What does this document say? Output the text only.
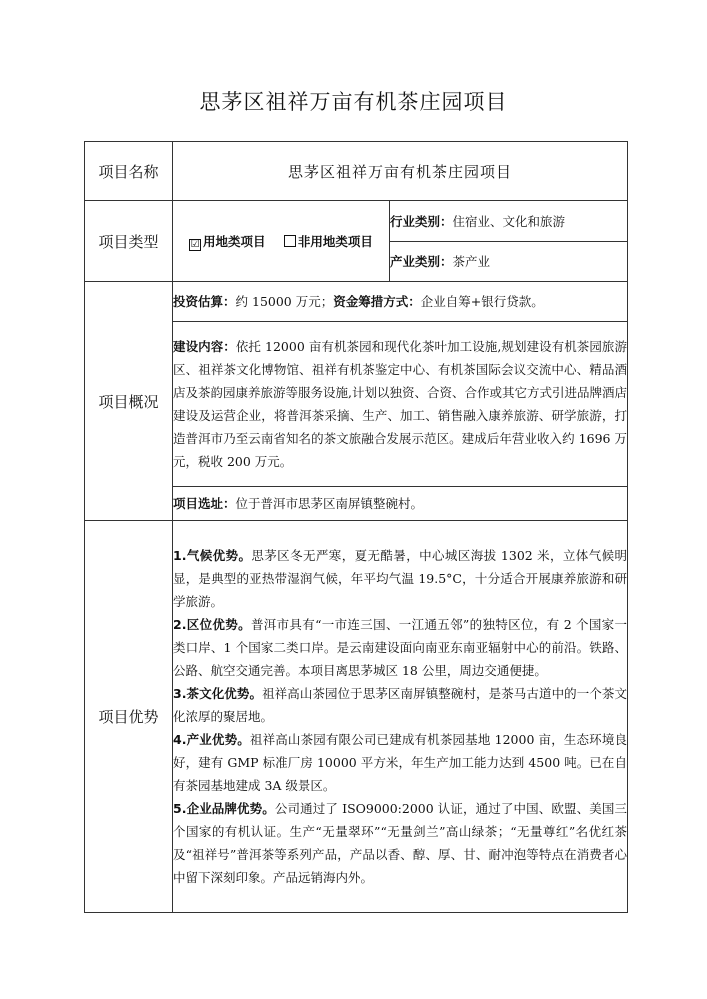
思茅区祖祥万亩有机茶庄园项目
项目名称	思茅区祖祥万亩有机茶庄园项目	
项目类型	☑ 用地类项目 非用地类项目	行业类别：住宿业、文化和旅游
		产业类别：茶产业
项目概况	投资估算：约 15000 万元；资金筹措方式：企业自筹+银行贷款。	
	建设内容：依托 12000 亩有机茶园和现代化茶叶加工设施,规划建设有机茶园旅游区、祖祥茶文化博物馆、祖祥有机茶鉴定中心、有机茶国际会议交流中心、精品酒店及茶韵园康养旅游等服务设施,计划以独资、合资、合作或其它方式引进品牌酒店建设及运营企业，将普洱茶采摘、生产、加工、销售融入康养旅游、研学旅游，打造普洱市乃至云南省知名的茶文旅融合发展示范区。建成后年营业收入约 1696 万元，税收 200 万元。	
	项目选址：位于普洱市思茅区南屏镇整碗村。	
项目优势	1.气候优势。思茅区冬无严寒，夏无酷暑，中心城区海拔 1302 米，立体气候明显，是典型的亚热带湿润气候，年平均气温 19.5°C，十分适合开展康养旅游和研学旅游。

2.区位优势。普洱市具有“一市连三国、一江通五邻”的独特区位，有 2 个国家一类口岸、1 个国家二类口岸。是云南建设面向南亚东南亚辐射中心的前沿。铁路、公路、航空交通完善。本项目离思茅城区 18 公里，周边交通便捷。

3.茶文化优势。祖祥高山茶园位于思茅区南屏镇整碗村，是茶马古道中的一个茶文化浓厚的聚居地。

4.产业优势。祖祥高山茶园有限公司已建成有机茶园基地 12000 亩，生态环境良好，建有 GMP 标准厂房 10000 平方米，年生产加工能力达到 4500 吨。已在自有茶园基地建成 3A 级景区。

5.企业品牌优势。公司通过了 ISO9000:2000 认证，通过了中国、欧盟、美国三个国家的有机认证。生产“无量翠环”“无量剑兰”高山绿茶；“无量尊红”名优红茶及“祖祥号”普洱茶等系列产品，产品以香、醇、厚、甘、耐冲泡等特点在消费者心中留下深刻印象。产品远销海内外。	
